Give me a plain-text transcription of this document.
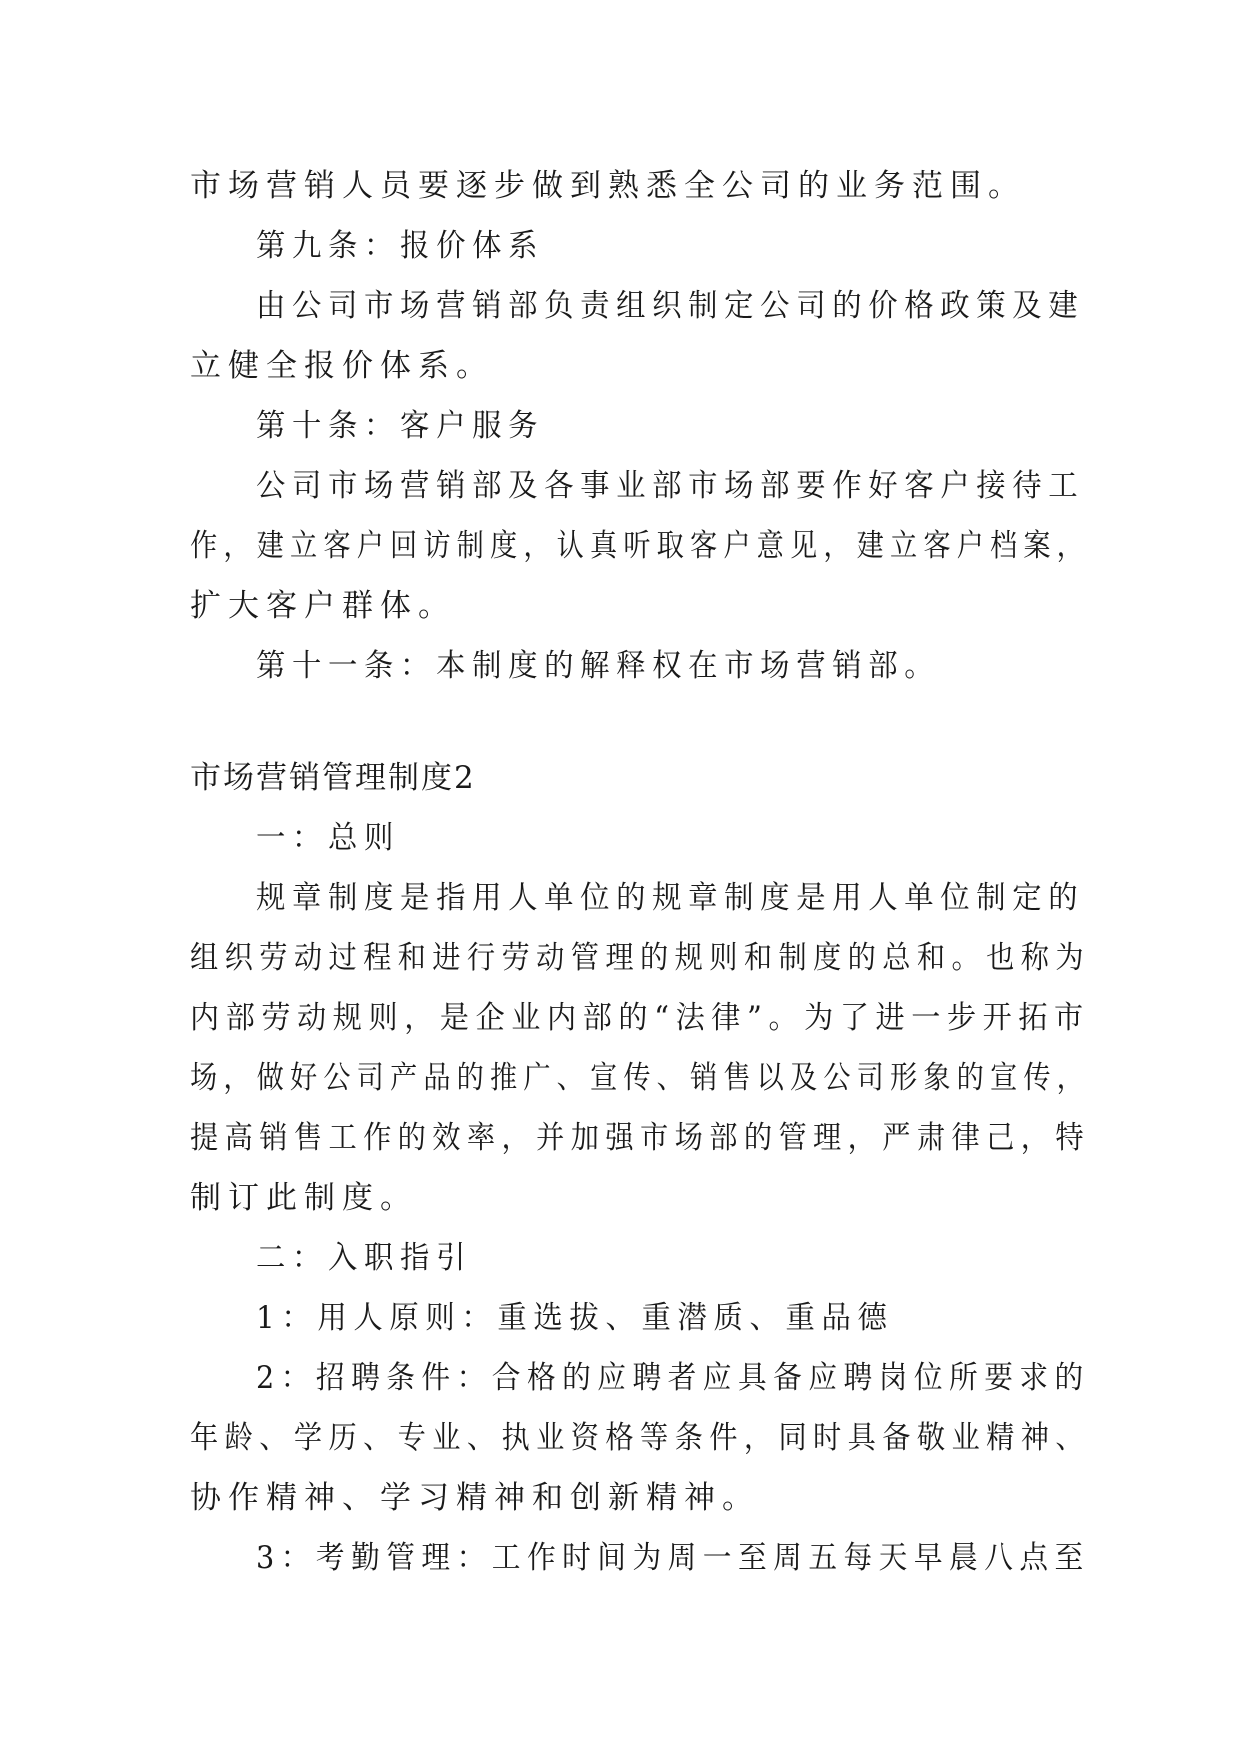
市场营销人员要逐步做到熟悉全公司的业务范围。
第九条：报价体系
由公司市场营销部负责组织制定公司的价格政策及建
立健全报价体系。
第十条：客户服务
公司市场营销部及各事业部市场部要作好客户接待工
作，建立客户回访制度，认真听取客户意见，建立客户档案，
扩大客户群体。
第十一条：本制度的解释权在市场营销部。
市场营销管理制度2
一：总则
规章制度是指用人单位的规章制度是用人单位制定的
组织劳动过程和进行劳动管理的规则和制度的总和。也称为
内部劳动规则，是企业内部的“法律”。为了进一步开拓市
场，做好公司产品的推广、宣传、销售以及公司形象的宣传，
提高销售工作的效率，并加强市场部的管理，严肃律己，特
制订此制度。
二：入职指引
1：用人原则：重选拔、重潜质、重品德
2：招聘条件：合格的应聘者应具备应聘岗位所要求的
年龄、学历、专业、执业资格等条件，同时具备敬业精神、
协作精神、学习精神和创新精神。
3：考勤管理：工作时间为周一至周五每天早晨八点至
